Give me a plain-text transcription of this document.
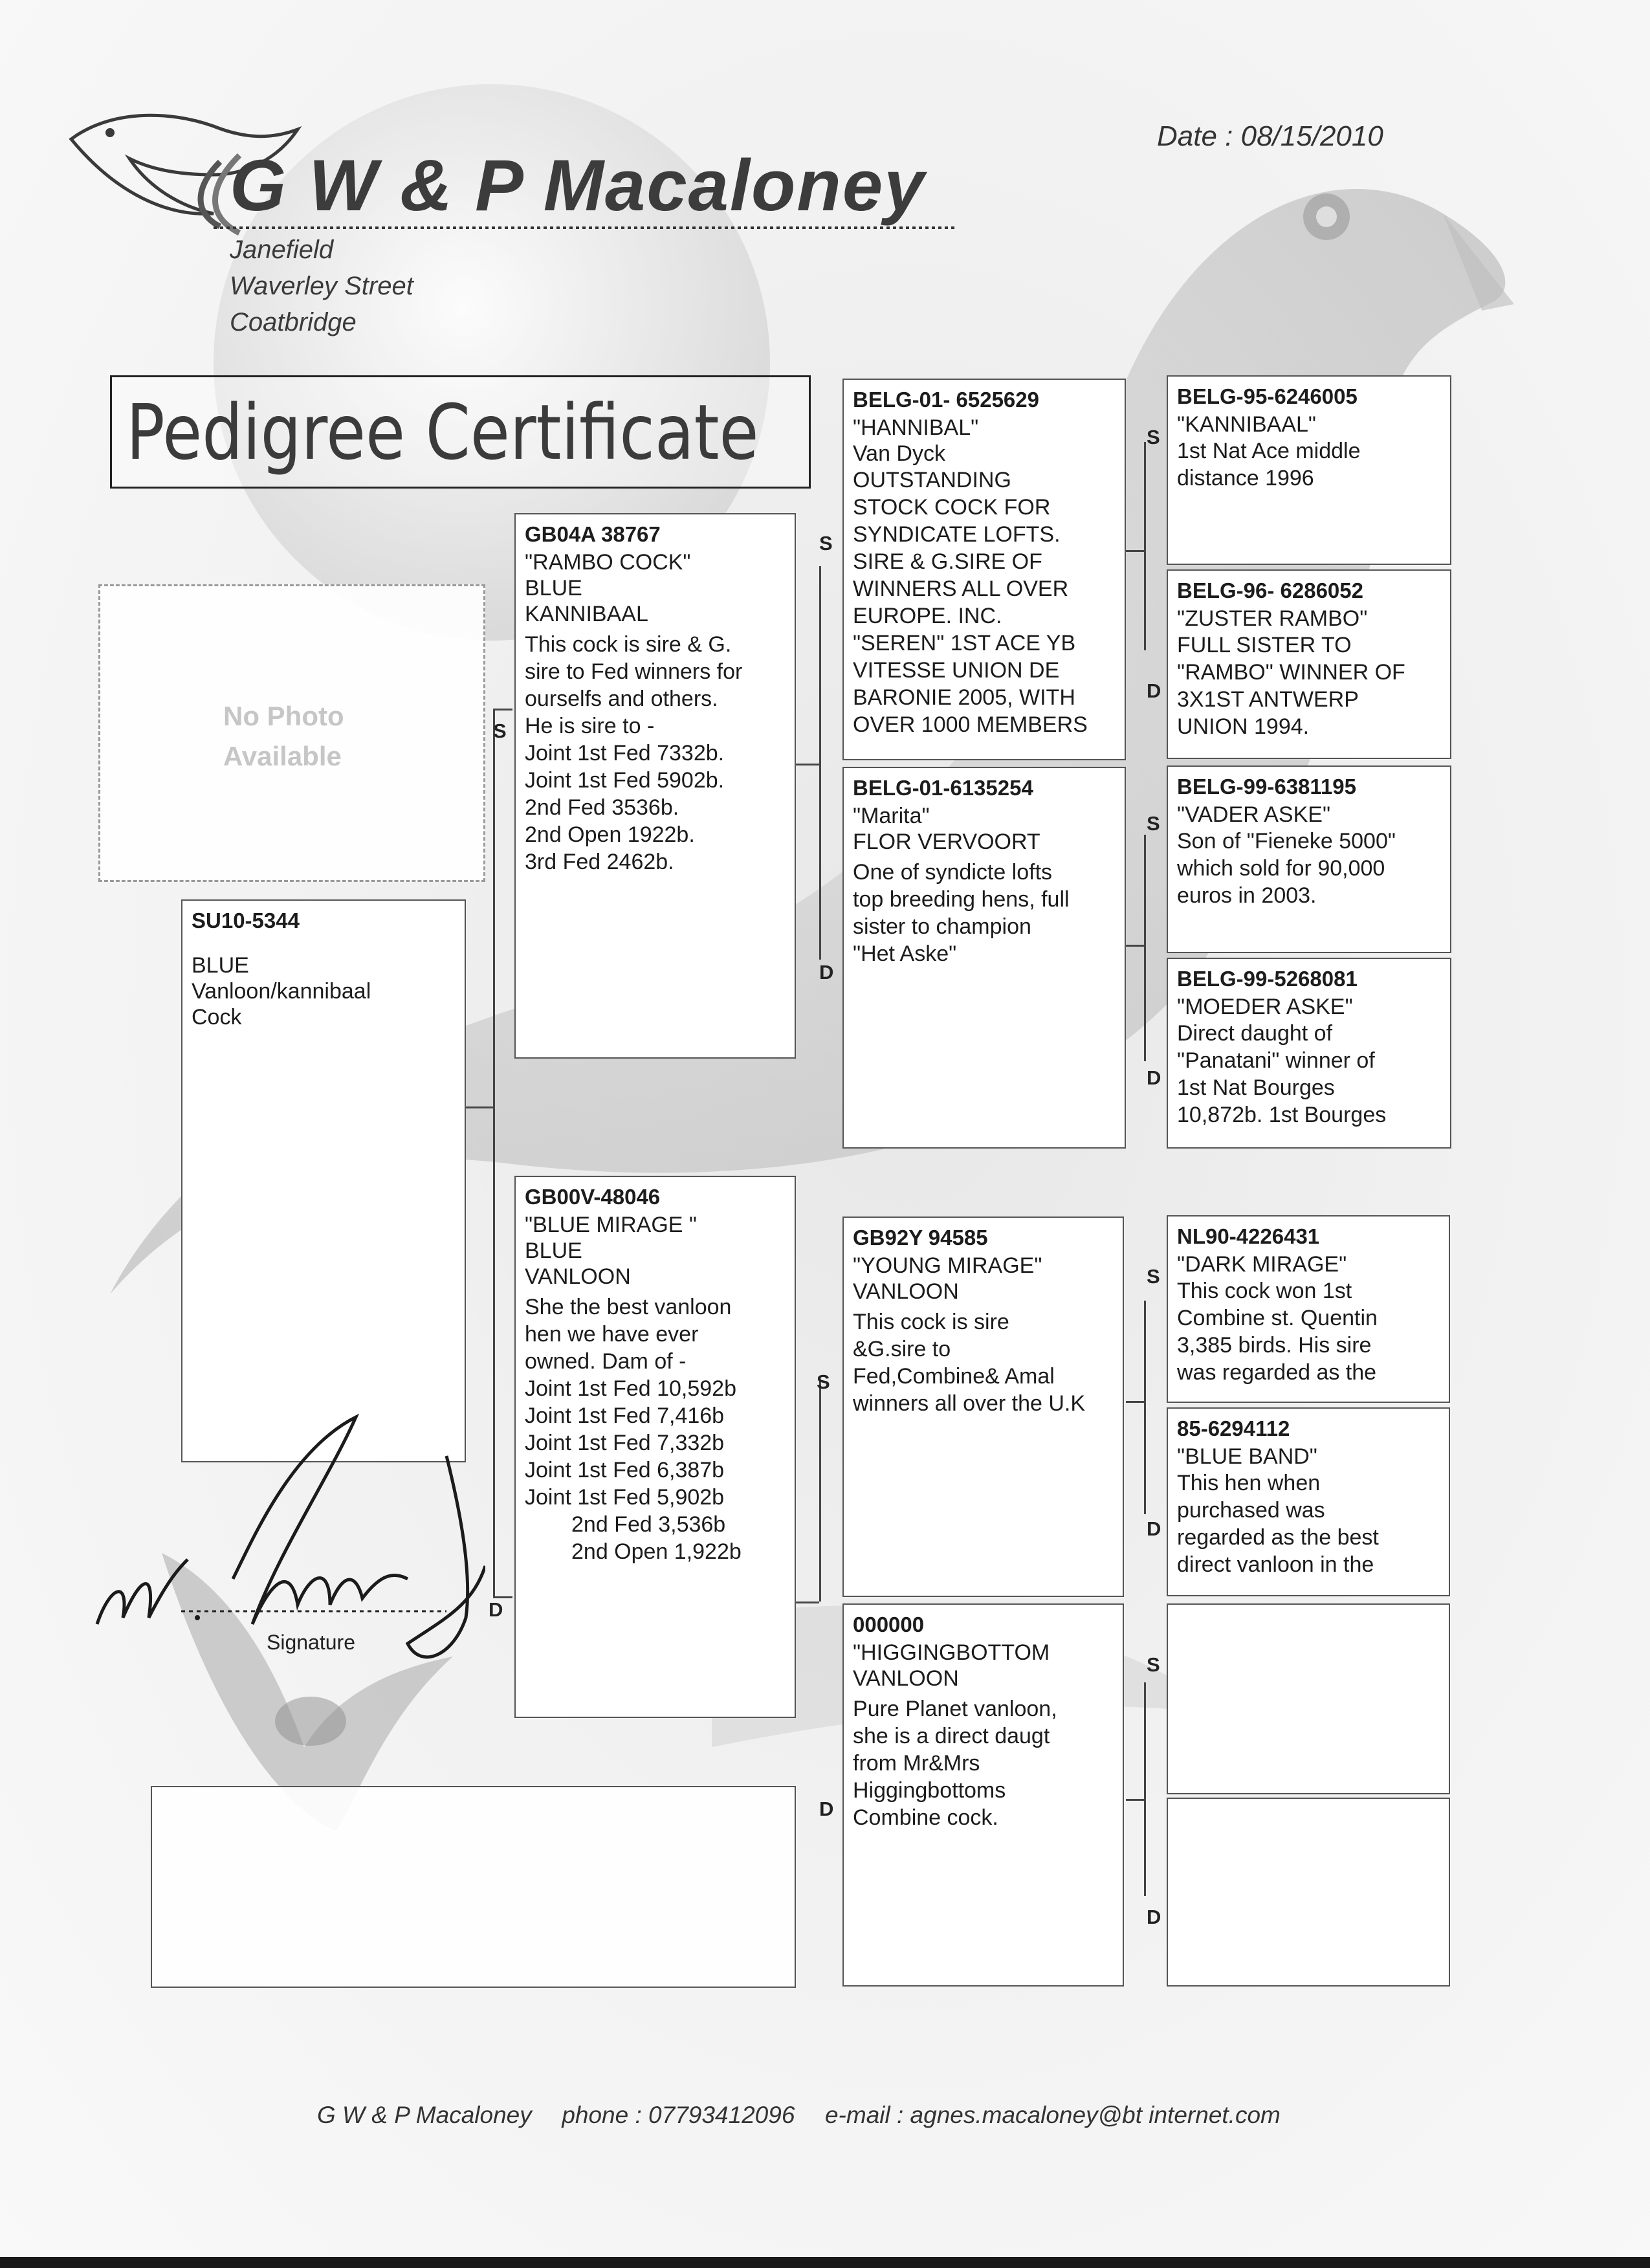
G W & P Macaloney
Date : 08/15/2010
Janefield
Waverley Street
Coatbridge
Pedigree Certificate
No Photo
Available
SU10-5344
BLUE
Vanloon/kannibaal
Cock
Signature
S
D
S
D
S
D
S
D
S
D
S
D
S
D
GB04A 38767
"RAMBO COCK"
BLUE
KANNIBAAL
This cock is sire & G.
sire to Fed winners for
ourselfs and others.
He is sire to -
Joint 1st Fed 7332b.
Joint 1st Fed 5902b.
2nd Fed 3536b.
2nd Open 1922b.
3rd Fed 2462b.
GB00V-48046
"BLUE MIRAGE "
BLUE
VANLOON
She the best vanloon
hen we have ever
owned. Dam of -
Joint 1st Fed 10,592b
Joint 1st Fed 7,416b
Joint 1st Fed 7,332b
Joint 1st Fed 6,387b
Joint 1st Fed 5,902b
2nd Fed 3,536b
2nd Open 1,922b
BELG-01- 6525629
"HANNIBAL"
Van Dyck
OUTSTANDING
STOCK COCK FOR
SYNDICATE LOFTS.
SIRE & G.SIRE OF
WINNERS ALL OVER
EUROPE. INC.
"SEREN" 1ST ACE YB
VITESSE UNION DE
BARONIE 2005, WITH
OVER 1000 MEMBERS
BELG-01-6135254
"Marita"
FLOR VERVOORT
One of syndicte lofts
top breeding hens, full
sister to champion
"Het Aske"
GB92Y 94585
"YOUNG MIRAGE"
VANLOON
This cock is sire
&G.sire to
Fed,Combine& Amal
winners all over the U.K
000000
"HIGGINGBOTTOM
VANLOON
Pure Planet vanloon,
she is a direct daugt
from Mr&Mrs
Higgingbottoms
Combine cock.
BELG-95-6246005
"KANNIBAAL"
1st Nat Ace middle
distance 1996
BELG-96- 6286052
"ZUSTER RAMBO"
FULL SISTER TO
"RAMBO" WINNER OF
3X1ST ANTWERP
UNION 1994.
BELG-99-6381195
"VADER ASKE"
Son of "Fieneke 5000"
which sold for 90,000
euros in 2003.
BELG-99-5268081
"MOEDER ASKE"
Direct daught of
"Panatani" winner of
1st Nat Bourges
10,872b. 1st Bourges
NL90-4226431
"DARK MIRAGE"
This cock won 1st
Combine st. Quentin
3,385 birds. His sire
was regarded as the
85-6294112
"BLUE BAND"
This hen when
purchased was
regarded as the best
direct vanloon in the
G W & P Macaloney phone : 07793412096 e-mail : agnes.macaloney@bt internet.com
